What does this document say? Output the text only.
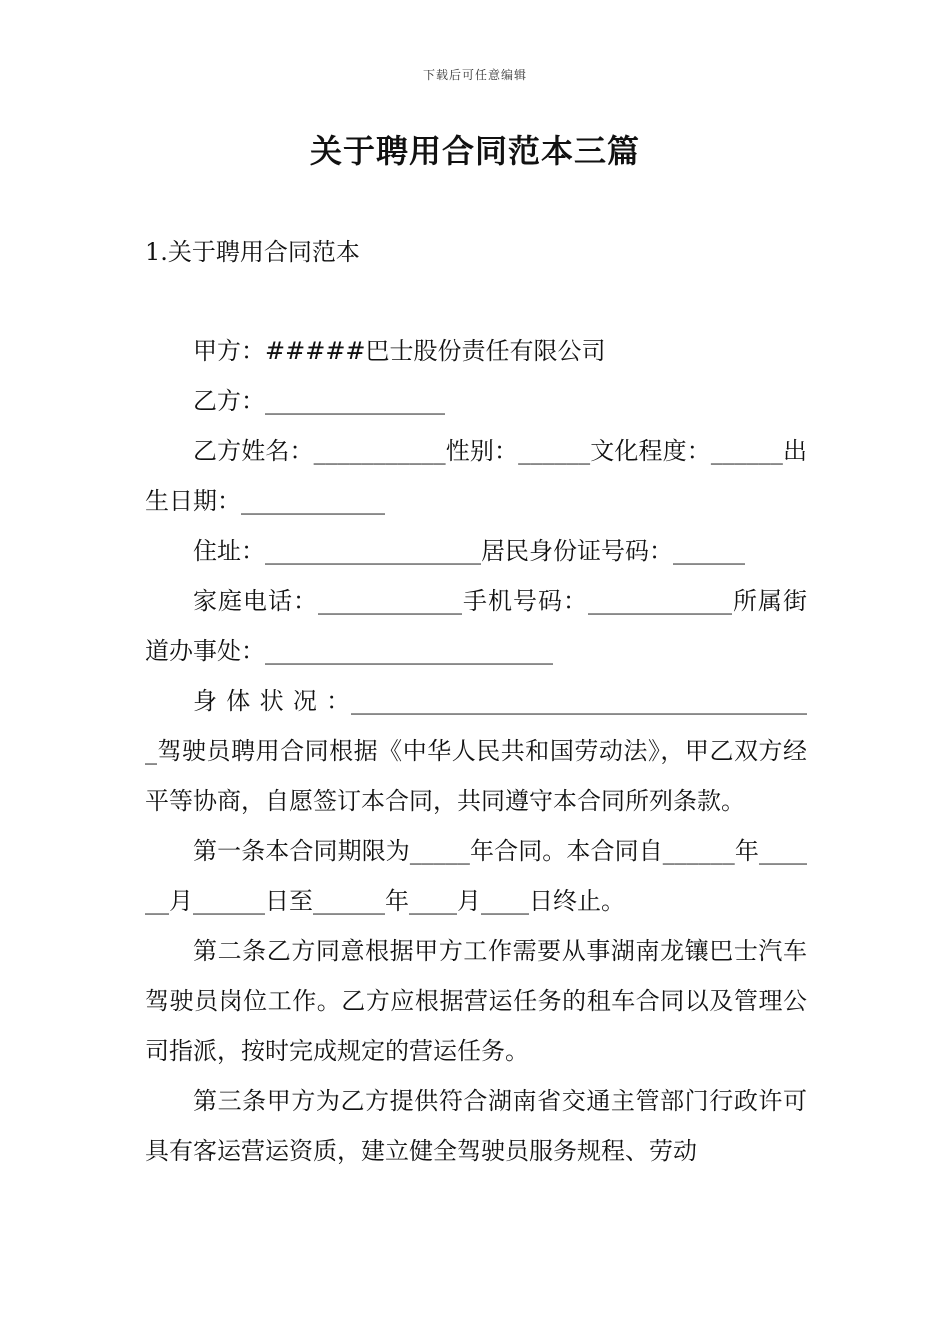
下载后可任意编辑
关于聘用合同范本三篇
1.关于聘用合同范本

甲方：#####巴士股份责任有限公司

乙方：_______________

乙方姓名：___________性别：______文化程度：______出生日期：____________

住址：__________________居民身份证号码：______

家庭电话：____________手机号码：____________所属街道办事处：________________________

身 体 状 况 ：_______________________________________驾驶员聘用合同根据《中华人民共和国劳动法》，甲乙双方经平等协商，自愿签订本合同，共同遵守本合同所列条款。

第一条本合同期限为_____年合同。本合同自______年______月______日至______年____月____日终止。

第二条乙方同意根据甲方工作需要从事湖南龙镶巴士汽车驾驶员岗位工作。乙方应根据营运任务的租车合同以及管理公司指派，按时完成规定的营运任务。

第三条甲方为乙方提供符合湖南省交通主管部门行政许可具有客运营运资质，建立健全驾驶员服务规程、劳动
